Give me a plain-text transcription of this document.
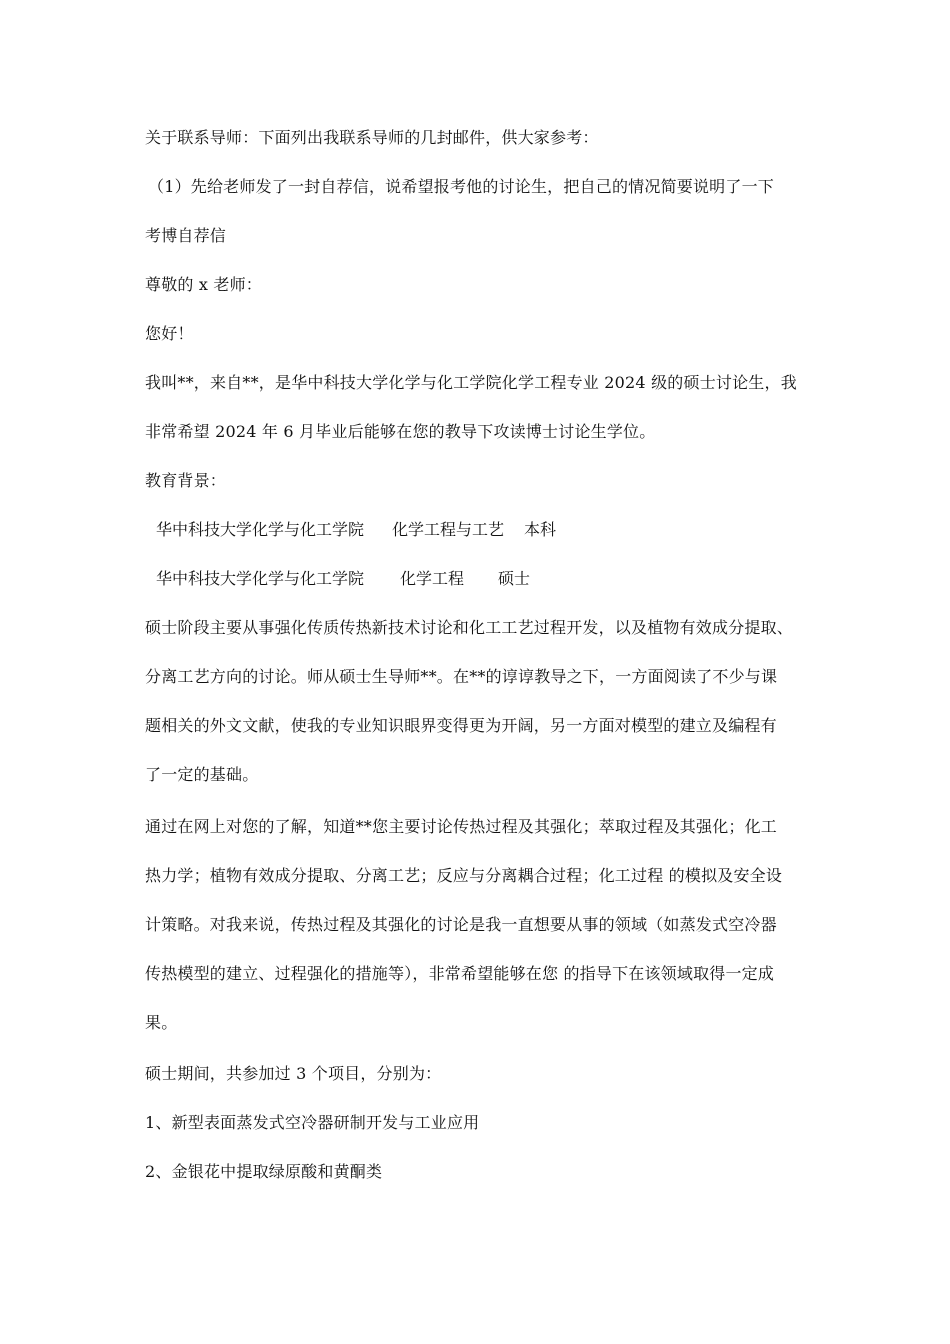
关于联系导师：下面列出我联系导师的几封邮件，供大家参考：
（1）先给老师发了一封自荐信，说希望报考他的讨论生，把自己的情况简要说明了一下
考博自荐信
尊敬的 x 老师：
您好！
我叫**，来自**，是华中科技大学化学与化工学院化学工程专业 2024 级的硕士讨论生，我
非常希望 2024 年 6 月毕业后能够在您的教导下攻读博士讨论生学位。
教育背景：
华中科技大学化学与化工学院 化学工程与工艺 本科
华中科技大学化学与化工学院 化学工程 硕士
硕士阶段主要从事强化传质传热新技术讨论和化工工艺过程开发，以及植物有效成分提取、
分离工艺方向的讨论。师从硕士生导师**。在**的谆谆教导之下，一方面阅读了不少与课
题相关的外文文献，使我的专业知识眼界变得更为开阔，另一方面对模型的建立及编程有
了一定的基础。
通过在网上对您的了解，知道**您主要讨论传热过程及其强化；萃取过程及其强化；化工
热力学；植物有效成分提取、分离工艺；反应与分离耦合过程；化工过程 的模拟及安全设
计策略。对我来说，传热过程及其强化的讨论是我一直想要从事的领域（如蒸发式空冷器
传热模型的建立、过程强化的措施等），非常希望能够在您 的指导下在该领域取得一定成
果。
硕士期间，共参加过 3 个项目，分别为：
1、新型表面蒸发式空冷器研制开发与工业应用
2、金银花中提取绿原酸和黄酮类
